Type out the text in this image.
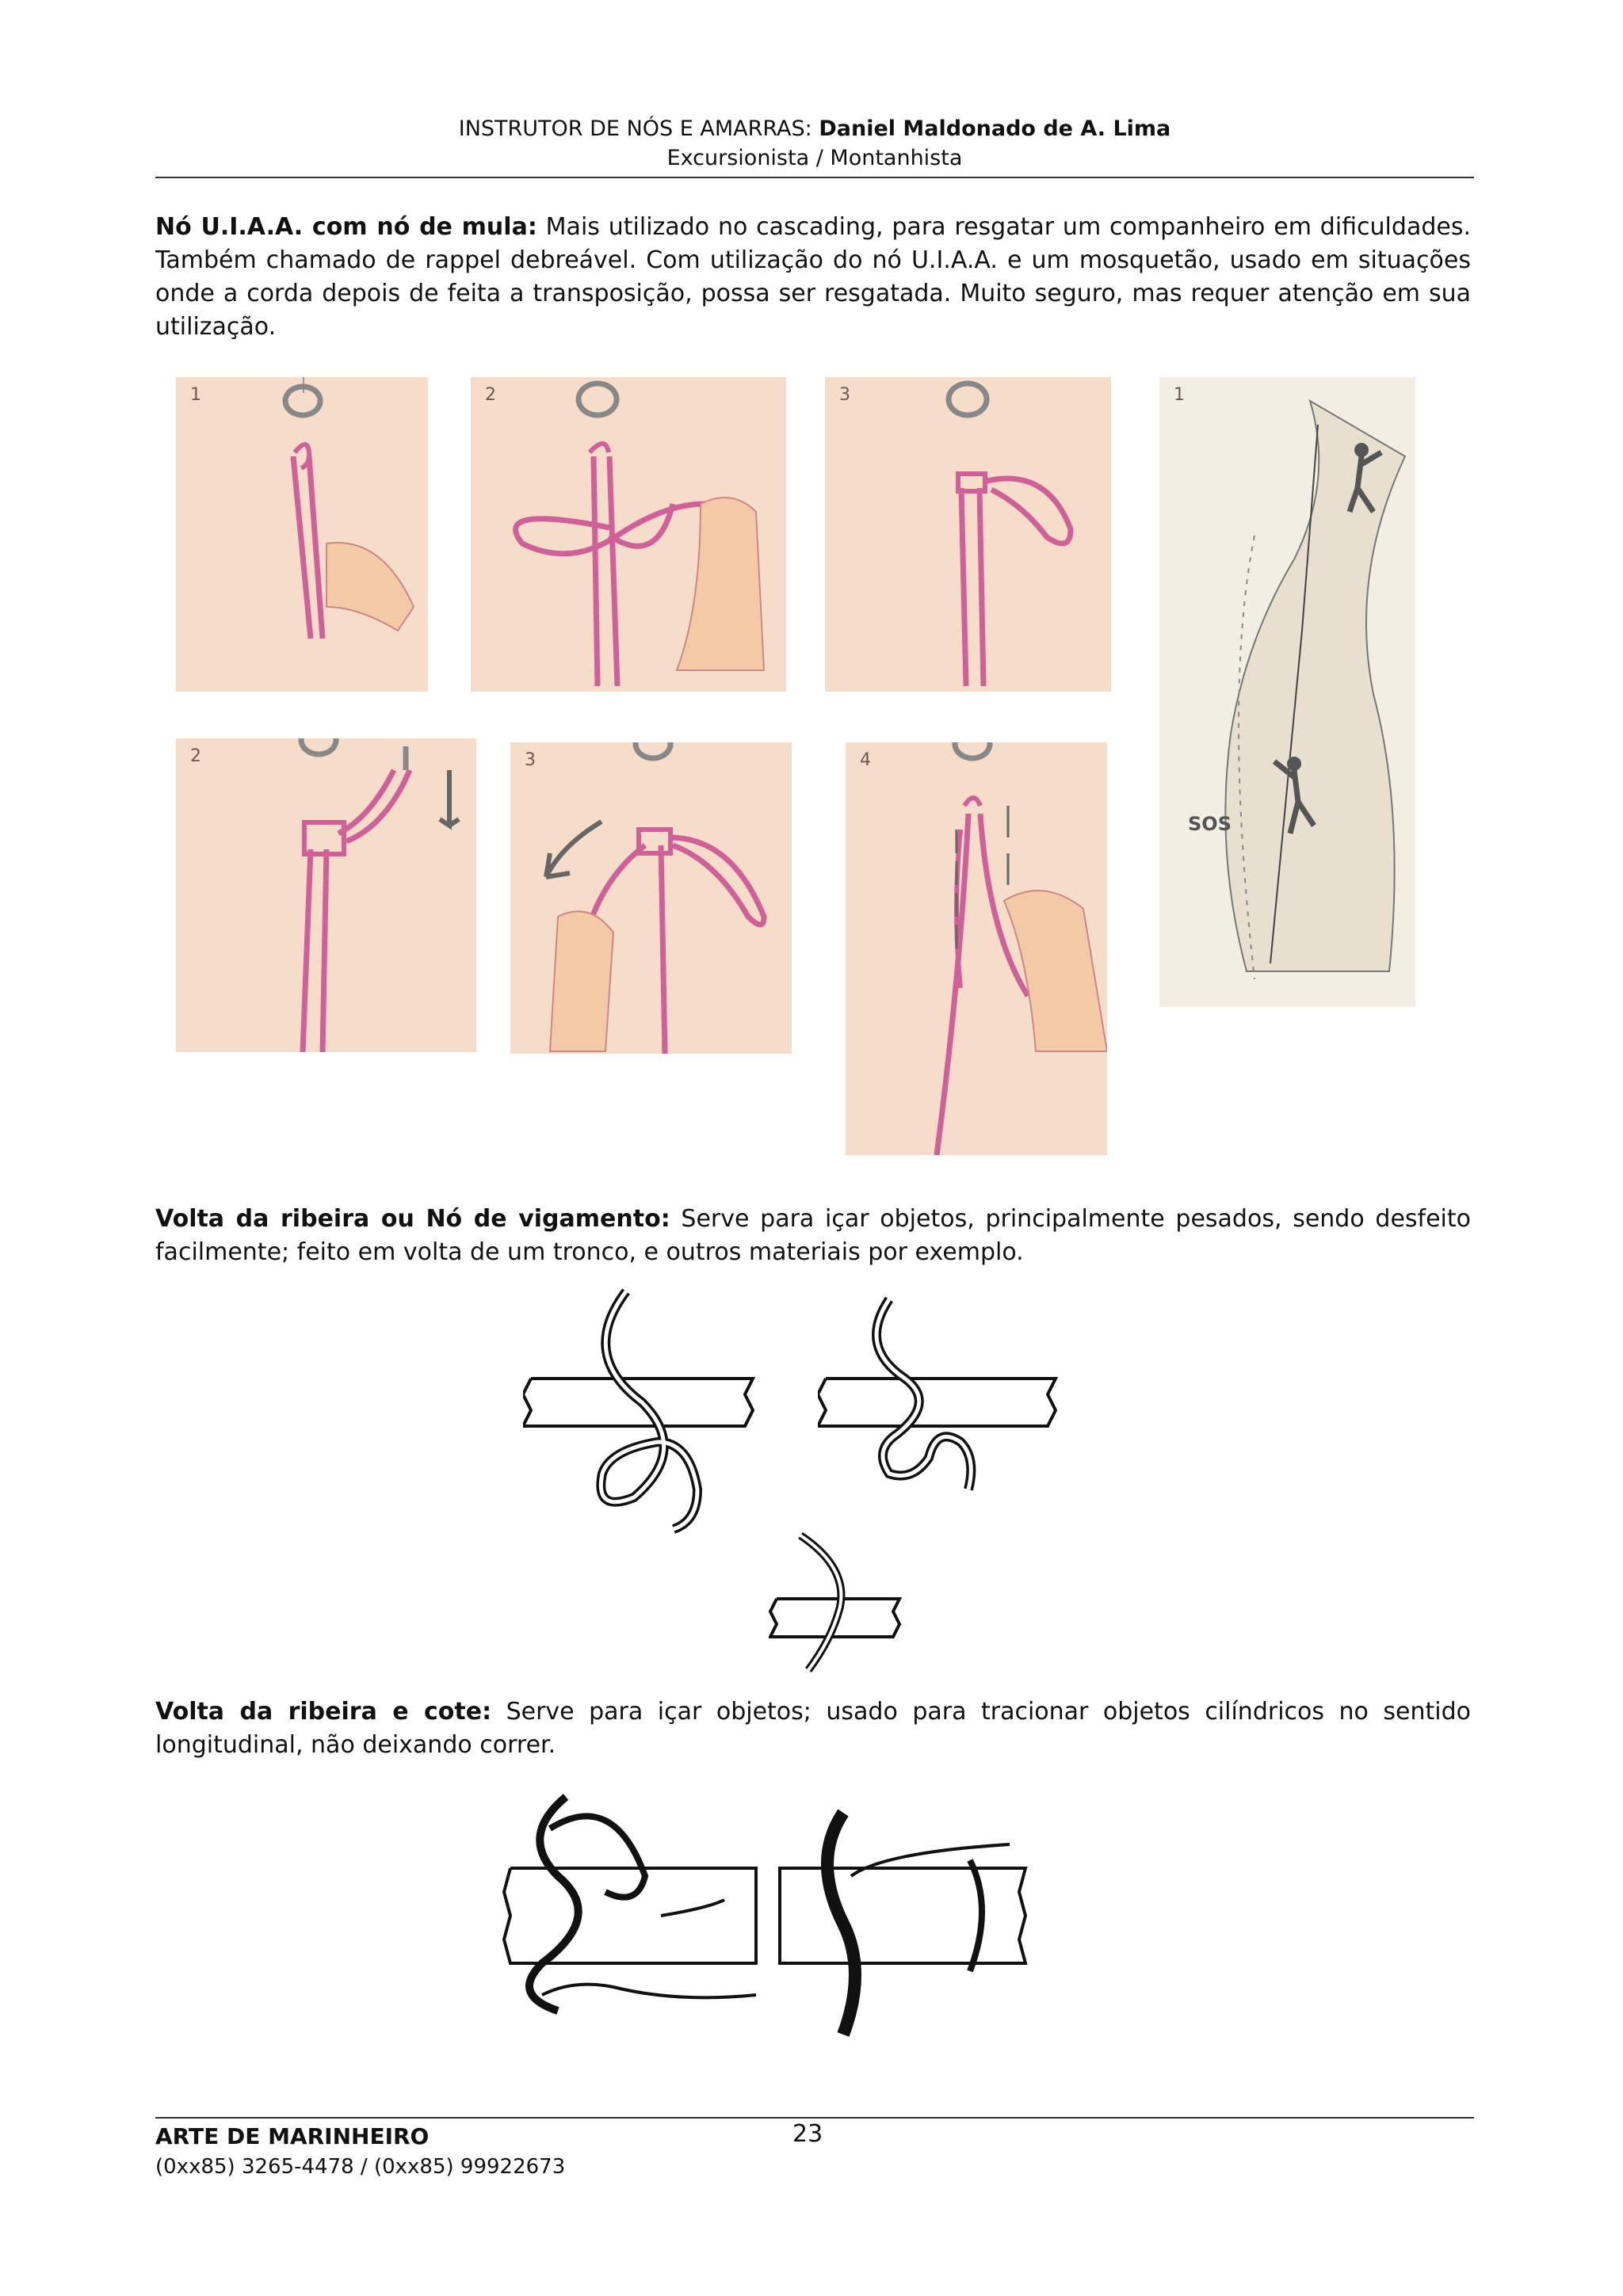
INSTRUTOR DE NÓS E AMARRAS: Daniel Maldonado de A. Lima
Excursionista / Montanhista
Nó U.I.A.A. com nó de mula: Mais utilizado no cascading, para resgatar um companheiro em dificuldades. Também chamado de rappel debreável. Com utilização do nó U.I.A.A. e um mosquetão, usado em situações onde a corda depois de feita a transposição, possa ser resgatada. Muito seguro, mas requer atenção em sua utilização.
1	2	3	1
SOS
2	3	4
Volta da ribeira ou Nó de vigamento: Serve para içar objetos, principalmente pesados, sendo desfeito facilmente; feito em volta de um tronco, e outros materiais por exemplo.
Volta da ribeira e cote: Serve para içar objetos; usado para tracionar objetos cilíndricos no sentido longitudinal, não deixando correr.
ARTE DE MARINHEIRO	23
(0xx85) 3265-4478 / (0xx85) 99922673
